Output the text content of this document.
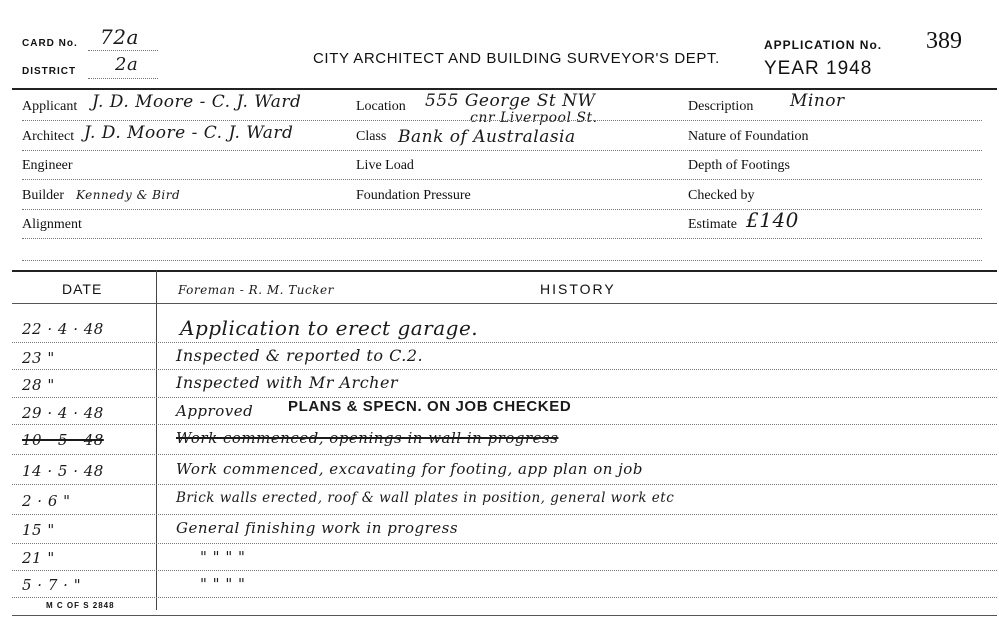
CARD No. 72a
DISTRICT 2a	CITY ARCHITECT AND BUILDING SURVEYOR'S DEPT.
APPLICATION No. 389
YEAR 1948
Applicant J. D. Moore - C. J. Ward
Architect J. D. Moore - C. J. Ward
Engineer
Builder Kennedy & Bird
Alignment
Location 555 George St NW
cnr Liverpool St.
Class Bank of Australasia
Live Load
Foundation Pressure
Description Minor
Nature of Foundation
Depth of Footings
Checked by
Estimate £140
DATE	Foreman - R. M. Tucker	HISTORY
22 · 4 · 48	Application to erect garage.
23 "	Inspected & reported to C.2.
28 "	Inspected with Mr Archer
29 · 4 · 48	Approved PLANS & SPECN. ON JOB CHECKED
10 · 5 · 48	Work commenced, openings in wall in progress
14 · 5 · 48	Work commenced, excavating for footing, app plan on job
2 · 6 "	Brick walls erected, roof & wall plates in position, general work etc
15 "	General finishing work in progress
21 "	" " " "
5 · 7 · "	" " " "
M C OF S 2848
